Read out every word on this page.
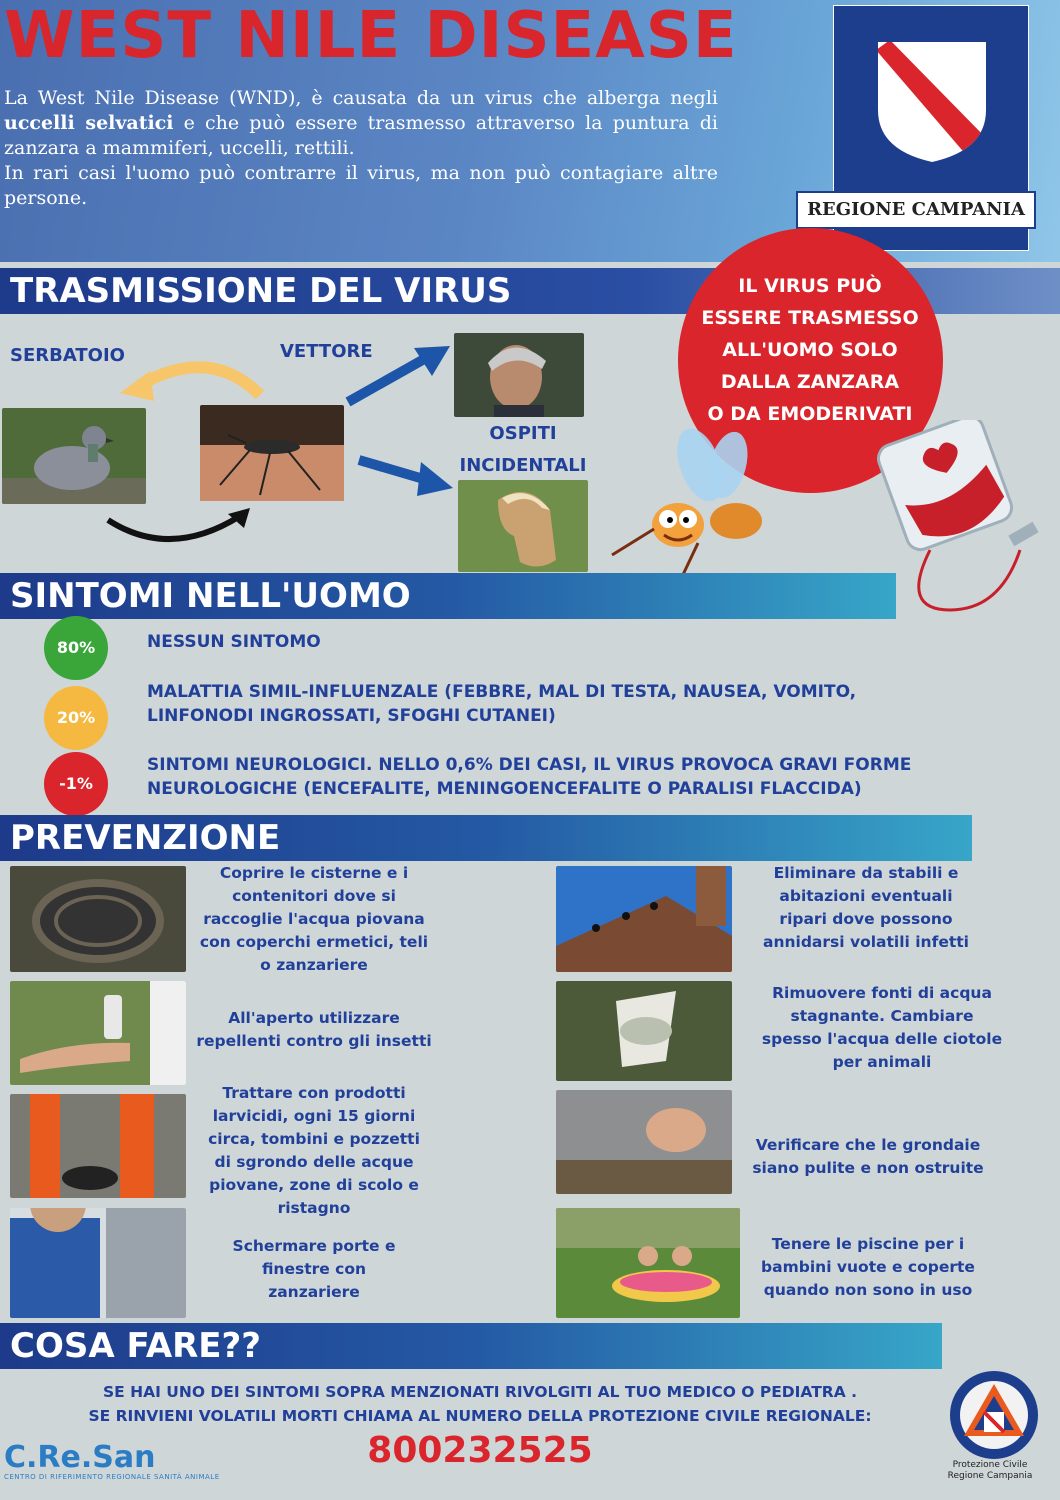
WEST NILE DISEASE

La West Nile Disease (WND), è causata da un virus che alberga negli uccelli selvatici e che può essere trasmesso attraverso la puntura di zanzara a mammiferi, uccelli, rettili.

In rari casi l'uomo può contrarre il virus, ma non può contagiare altre persone.

REGIONE CAMPANIA
TRASMISSIONE DEL VIRUS
SERBATOIO	VETTORE
OSPITI
INCIDENTALI
IL VIRUS PUÒ
ESSERE TRASMESSO
ALL'UOMO SOLO
DALLA ZANZARA
O DA EMODERIVATI
SINTOMI NELL'UOMO
80%	NESSUN SINTOMO
20%
MALATTIA SIMIL-INFLUENZALE (FEBBRE, MAL DI TESTA, NAUSEA, VOMITO,
LINFONODI INGROSSATI, SFOGHI CUTANEI)
-1%
SINTOMI NEUROLOGICI. NELLO 0,6% DEI CASI, IL VIRUS PROVOCA GRAVI FORME
NEUROLOGICHE (ENCEFALITE, MENINGOENCEFALITE O PARALISI FLACCIDA)
PREVENZIONE
Coprire le cisterne e i
contenitori dove si
raccoglie l'acqua piovana
con coperchi ermetici, teli
o zanzariere
All'aperto utilizzare
repellenti contro gli insetti
Trattare con prodotti
larvicidi, ogni 15 giorni
circa, tombini e pozzetti
di sgrondo delle acque
piovane, zone di scolo e
ristagno
Schermare porte e
finestre con
zanzariere
Eliminare da stabili e
abitazioni eventuali
ripari dove possono
annidarsi volatili infetti
Rimuovere fonti di acqua
stagnante. Cambiare
spesso l'acqua delle ciotole
per animali
Verificare che le grondaie
siano pulite e non ostruite
Tenere le piscine per i
bambini vuote e coperte
quando non sono in uso
COSA FARE??
SE HAI UNO DEI SINTOMI SOPRA MENZIONATI RIVOLGITI AL TUO MEDICO O PEDIATRA .
SE RINVIENI VOLATILI MORTI CHIAMA AL NUMERO DELLA PROTEZIONE CIVILE REGIONALE:
800232525
C.Re.San
CENTRO DI RIFERIMENTO REGIONALE SANITÀ ANIMALE
Protezione Civile
Regione Campania
